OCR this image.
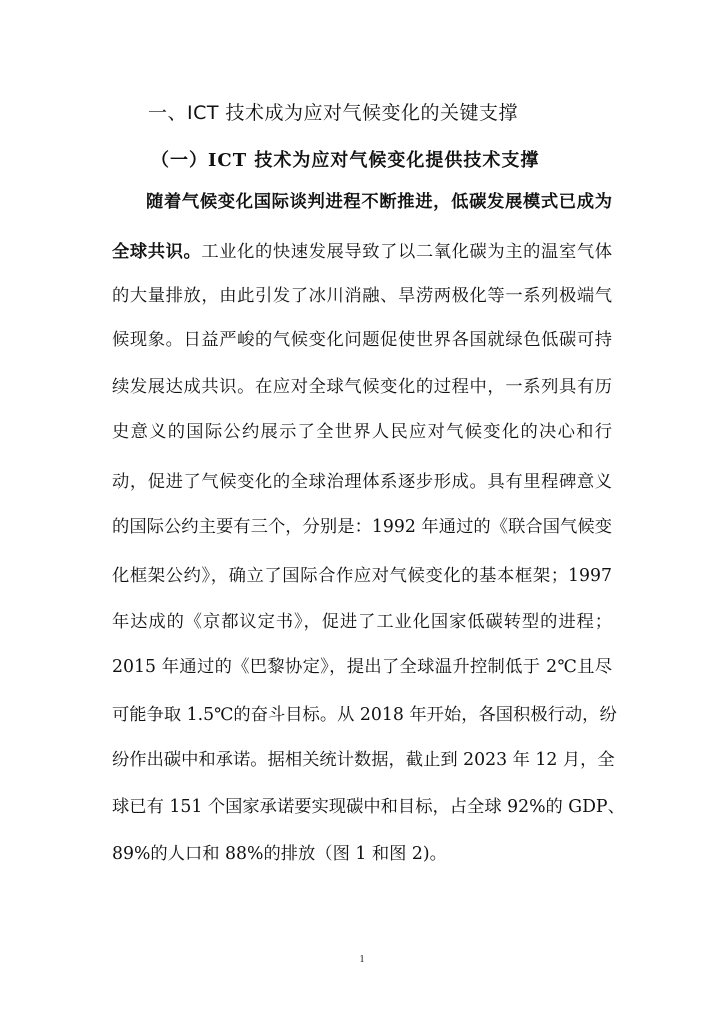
一、ICT 技术成为应对气候变化的关键支撑
（一）ICT 技术为应对气候变化提供技术支撑
随着气候变化国际谈判进程不断推进，低碳发展模式已成为
全球共识。工业化的快速发展导致了以二氧化碳为主的温室气体
的大量排放，由此引发了冰川消融、旱涝两极化等一系列极端气
候现象。日益严峻的气候变化问题促使世界各国就绿色低碳可持
续发展达成共识。在应对全球气候变化的过程中，一系列具有历
史意义的国际公约展示了全世界人民应对气候变化的决心和行
动，促进了气候变化的全球治理体系逐步形成。具有里程碑意义
的国际公约主要有三个，分别是：1992 年通过的《联合国气候变
化框架公约》，确立了国际合作应对气候变化的基本框架；1997
年达成的《京都议定书》，促进了工业化国家低碳转型的进程；
2015 年通过的《巴黎协定》，提出了全球温升控制低于 2℃且尽
可能争取 1.5℃的奋斗目标。从 2018 年开始，各国积极行动，纷
纷作出碳中和承诺。据相关统计数据，截止到 2023 年 12 月，全
球已有 151 个国家承诺要实现碳中和目标，占全球 92%的 GDP、
89%的人口和 88%的排放（图 1 和图 2)。
1
